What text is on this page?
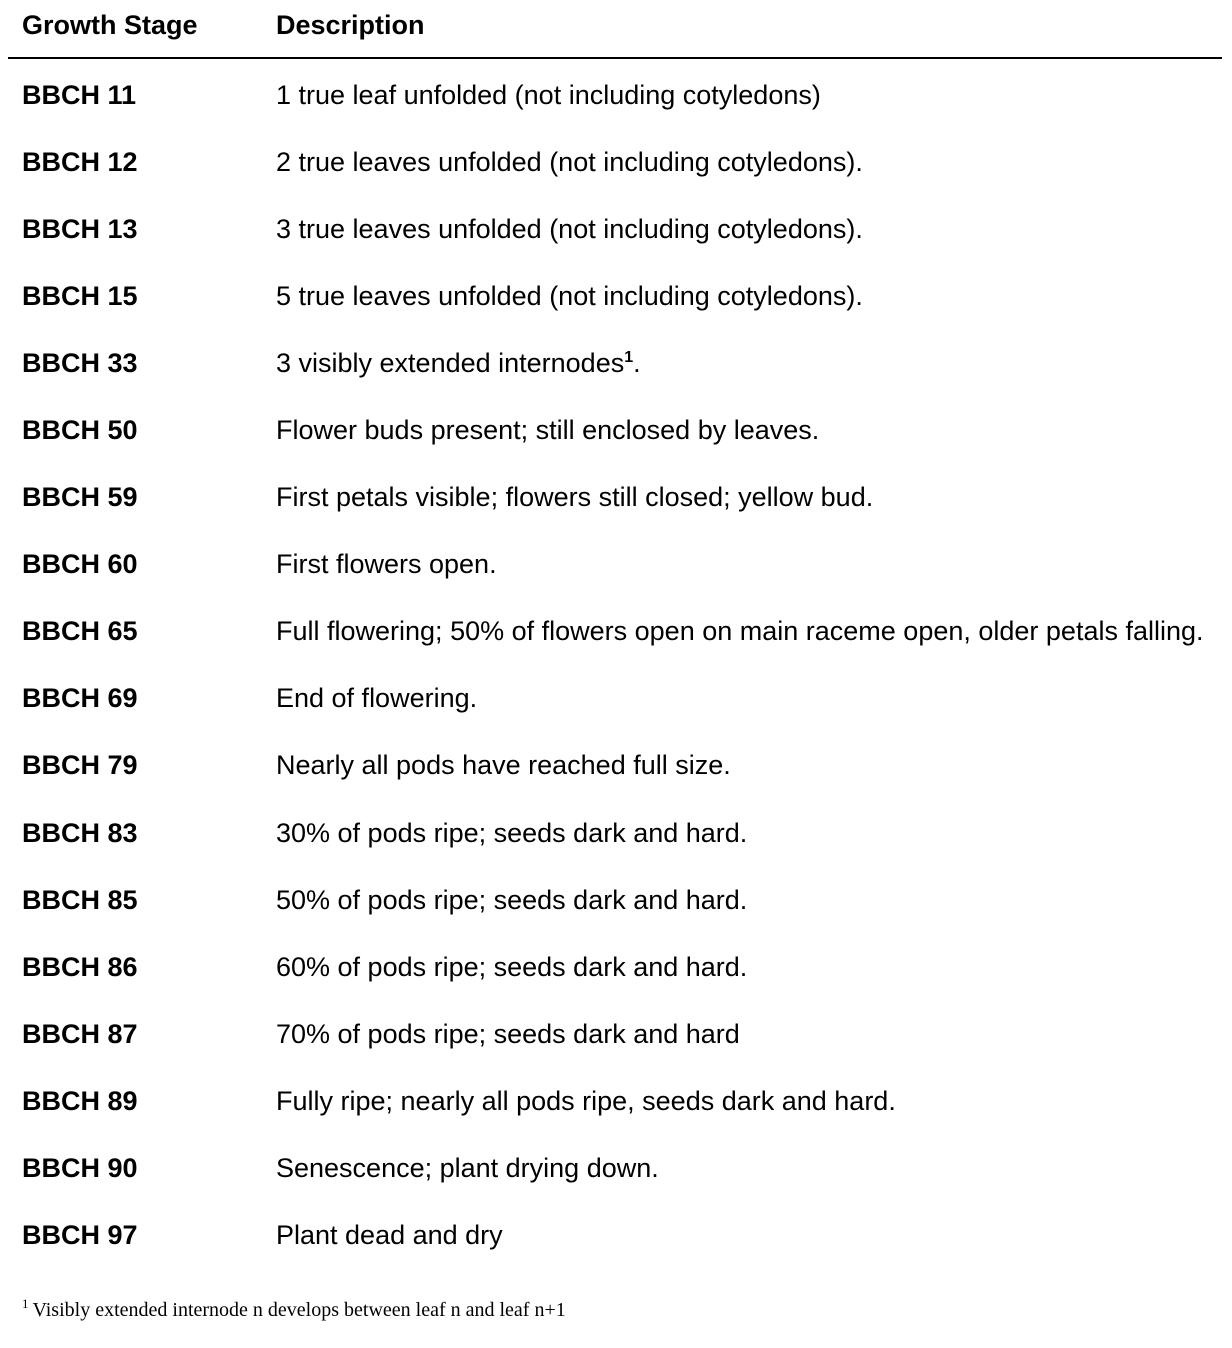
Growth Stage	Description
BBCH 11	1 true leaf unfolded (not including cotyledons)
BBCH 12	2 true leaves unfolded (not including cotyledons).
BBCH 13	3 true leaves unfolded (not including cotyledons).
BBCH 15	5 true leaves unfolded (not including cotyledons).
BBCH 33	3 visibly extended internodes$^1$.
BBCH 50	Flower buds present; still enclosed by leaves.
BBCH 59	First petals visible; flowers still closed; yellow bud.
BBCH 60	First flowers open.
BBCH 65	Full flowering; 50% of flowers open on main raceme open, older petals falling.
BBCH 69	End of flowering.
BBCH 79	Nearly all pods have reached full size.
BBCH 83	30% of pods ripe; seeds dark and hard.
BBCH 85	50% of pods ripe; seeds dark and hard.
BBCH 86	60% of pods ripe; seeds dark and hard.
BBCH 87	70% of pods ripe; seeds dark and hard
BBCH 89	Fully ripe; nearly all pods ripe, seeds dark and hard.
BBCH 90	Senescence; plant drying down.
BBCH 97	Plant dead and dry
$^1$ Visibly extended internode n develops between leaf n and leaf n+1
